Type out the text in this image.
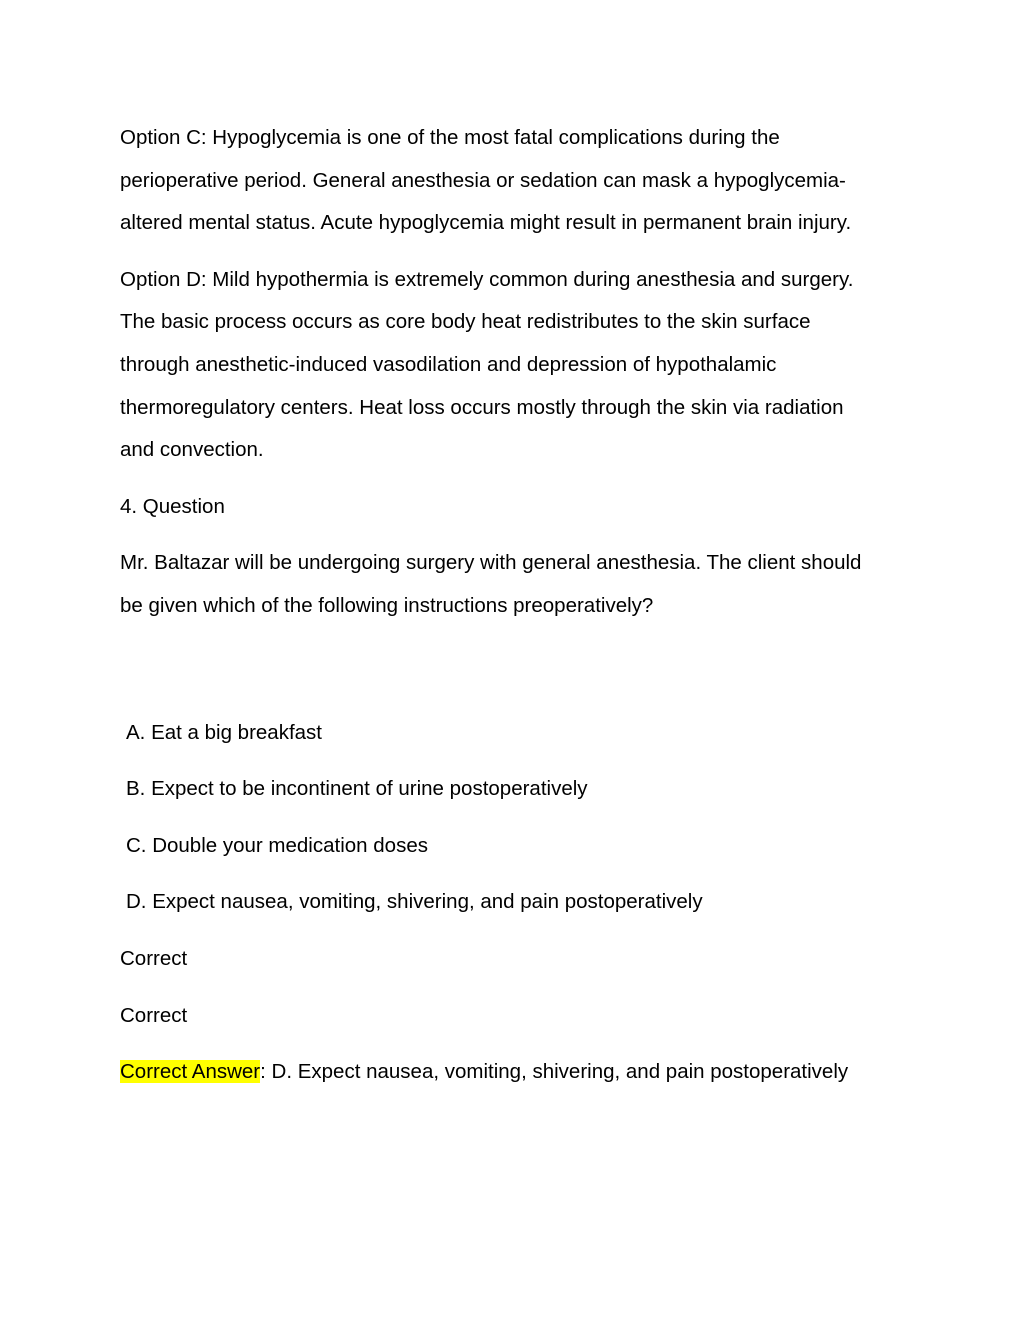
Option C: Hypoglycemia is one of the most fatal complications during the
perioperative period. General anesthesia or sedation can mask a hypoglycemia-
altered mental status. Acute hypoglycemia might result in permanent brain injury.

Option D: Mild hypothermia is extremely common during anesthesia and surgery.
The basic process occurs as core body heat redistributes to the skin surface
through anesthetic-induced vasodilation and depression of hypothalamic
thermoregulatory centers. Heat loss occurs mostly through the skin via radiation
and convection.

4. Question

Mr. Baltazar will be undergoing surgery with general anesthesia. The client should
be given which of the following instructions preoperatively?

A. Eat a big breakfast

B. Expect to be incontinent of urine postoperatively

C. Double your medication doses

D. Expect nausea, vomiting, shivering, and pain postoperatively

Correct

Correct

Correct Answer: D. Expect nausea, vomiting, shivering, and pain postoperatively
